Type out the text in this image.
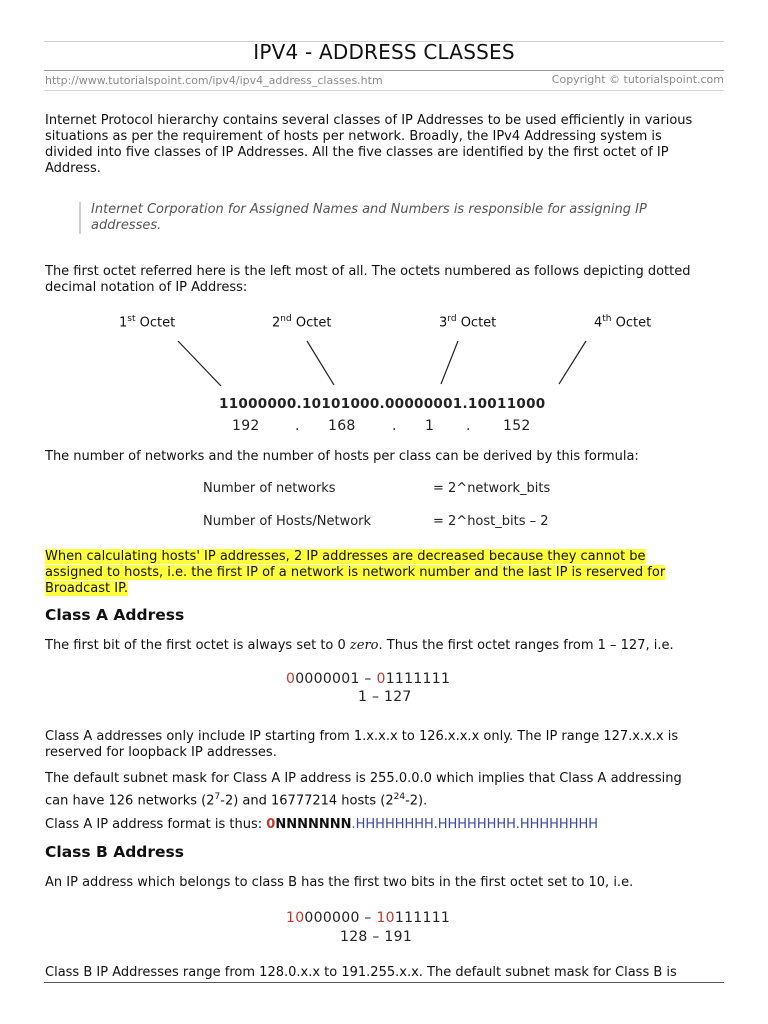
IPV4 - ADDRESS CLASSES
http://www.tutorialspoint.com/ipv4/ipv4_address_classes.htm	Copyright © tutorialspoint.com
Internet Protocol hierarchy contains several classes of IP Addresses to be used efficiently in various
situations as per the requirement of hosts per network. Broadly, the IPv4 Addressing system is
divided into five classes of IP Addresses. All the five classes are identified by the first octet of IP
Address.
Internet Corporation for Assigned Names and Numbers is responsible for assigning IP
addresses.
The first octet referred here is the left most of all. The octets numbered as follows depicting dotted
decimal notation of IP Address:
1st Octet	2nd Octet	3rd Octet	4th Octet
11000000.10101000.00000001.10011000
192	. 168	. 1 . 152
The number of networks and the number of hosts per class can be derived by this formula:
Number of networks	= 2^network_bits
Number of Hosts/Network	= 2^host_bits – 2
When calculating hosts' IP addresses, 2 IP addresses are decreased because they cannot be
assigned to hosts, i.e. the first IP of a network is network number and the last IP is reserved for
Broadcast IP.
Class A Address
The first bit of the first octet is always set to 0 zero. Thus the first octet ranges from 1 – 127, i.e.
00000001 – 01111111
1 – 127
Class A addresses only include IP starting from 1.x.x.x to 126.x.x.x only. The IP range 127.x.x.x is
reserved for loopback IP addresses.
The default subnet mask for Class A IP address is 255.0.0.0 which implies that Class A addressing
can have 126 networks $(2^7-2)$ and 16777214 hosts $(2^{24}-2)$.
Class A IP address format is thus: 0NNNNNNN.HHHHHHHH.HHHHHHHH.HHHHHHHH
Class B Address
An IP address which belongs to class B has the first two bits in the first octet set to 10, i.e.
10000000 – 10111111
128 – 191
Class B IP Addresses range from 128.0.x.x to 191.255.x.x. The default subnet mask for Class B is
